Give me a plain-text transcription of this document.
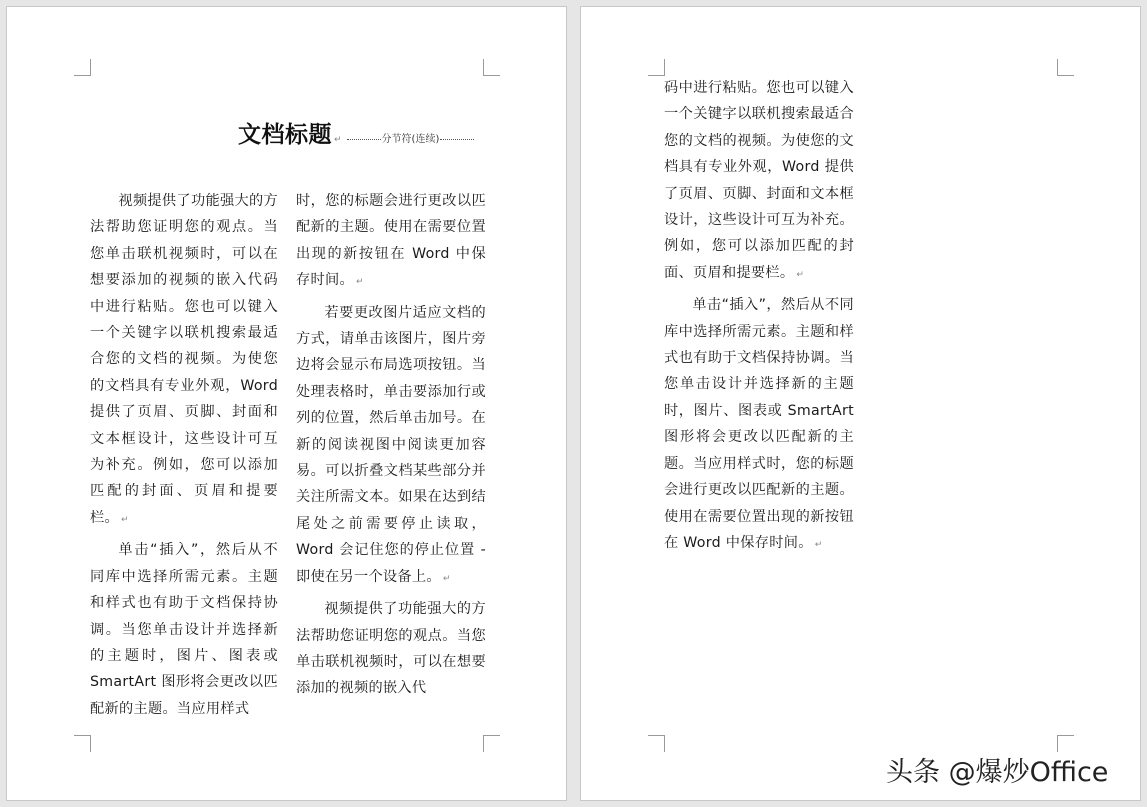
文档标题 ↵	分节符(连续)

视频提供了功能强大的方法帮助您证明您的观点。当您单击联机视频时，可以在想要添加的视频的嵌入代码中进行粘贴。您也可以键入一个关键字以联机搜索最适合您的文档的视频。为使您的文档具有专业外观，Word 提供了页眉、页脚、封面和文本框设计，这些设计可互为补充。例如，您可以添加匹配的封面、页眉和提要栏。 ↵

单击“插入”，然后从不同库中选择所需元素。主题和样式也有助于文档保持协调。当您单击设计并选择新的主题时，图片、图表或 SmartArt 图形将会更改以匹配新的主题。当应用样式

时，您的标题会进行更改以匹配新的主题。使用在需要位置出现的新按钮在 Word 中保存时间。 ↵

若要更改图片适应文档的方式，请单击该图片，图片旁边将会显示布局选项按钮。当处理表格时，单击要添加行或列的位置，然后单击加号。在新的阅读视图中阅读更加容易。可以折叠文档某些部分并关注所需文本。如果在达到结尾处之前需要停止读取，Word 会记住您的停止位置 - 即使在另一个设备上。 ↵

视频提供了功能强大的方法帮助您证明您的观点。当您单击联机视频时，可以在想要添加的视频的嵌入代

码中进行粘贴。您也可以键入一个关键字以联机搜索最适合您的文档的视频。为使您的文档具有专业外观，Word 提供了页眉、页脚、封面和文本框设计，这些设计可互为补充。例如，您可以添加匹配的封面、页眉和提要栏。 ↵

单击“插入”，然后从不同库中选择所需元素。主题和样式也有助于文档保持协调。当您单击设计并选择新的主题时，图片、图表或 SmartArt 图形将会更改以匹配新的主题。当应用样式时，您的标题会进行更改以匹配新的主题。使用在需要位置出现的新按钮在 Word 中保存时间。 ↵

头条 @爆炒Office
